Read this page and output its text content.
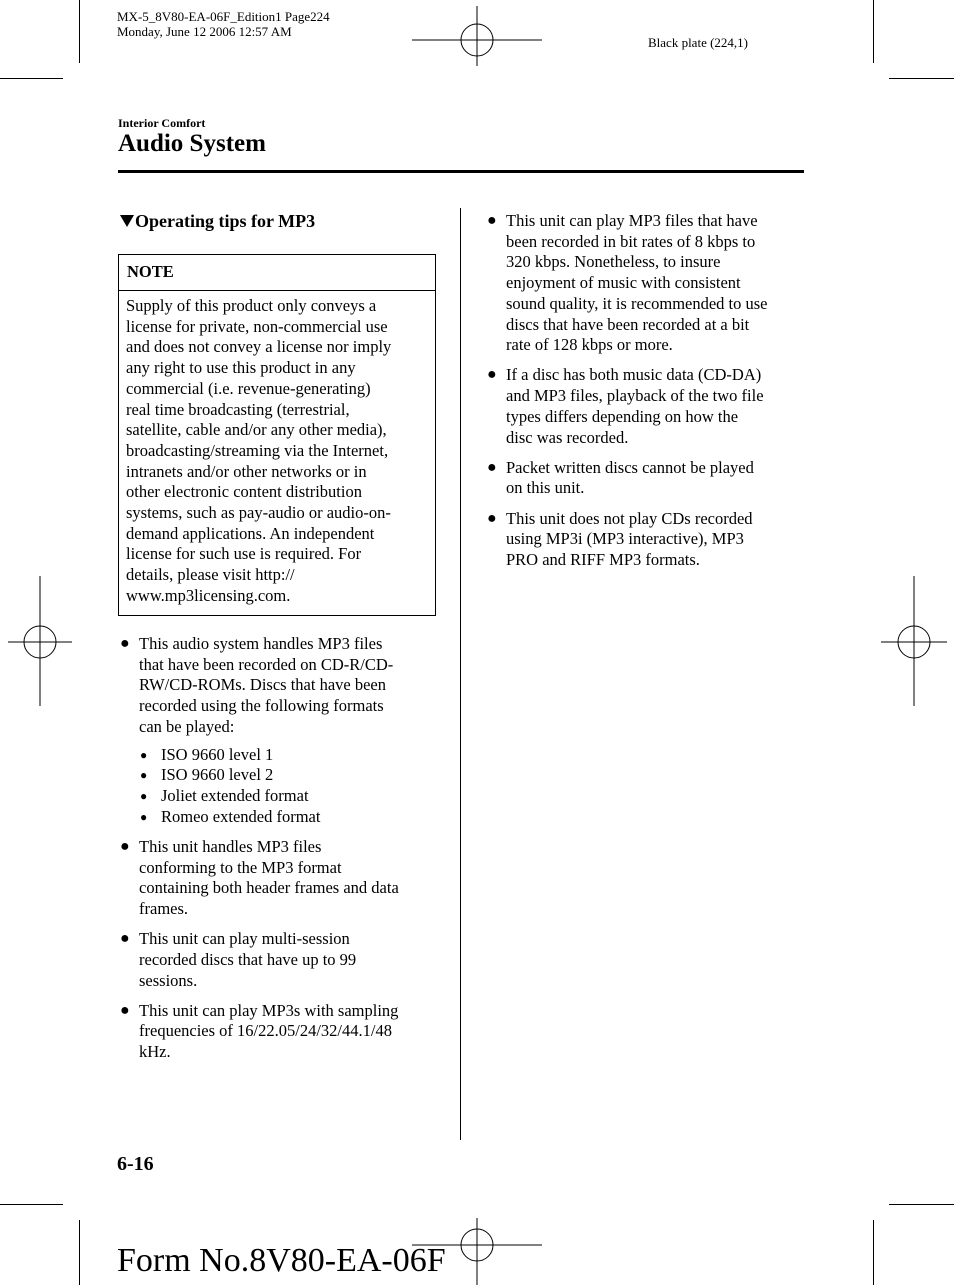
MX-5_8V80-EA-06F_Edition1 Page224
Monday, June 12 2006 12:57 AM
Black plate (224,1)
Interior Comfort
Audio System
Operating tips for MP3
NOTE
Supply of this product only conveys a
license for private, non-commercial use
and does not convey a license nor imply
any right to use this product in any
commercial (i.e. revenue-generating)
real time broadcasting (terrestrial,
satellite, cable and/or any other media),
broadcasting/streaming via the Internet,
intranets and/or other networks or in
other electronic content distribution
systems, such as pay-audio or audio-on-
demand applications. An independent
license for such use is required. For
details, please visit http://
www.mp3licensing.com.
● This audio system handles MP3 files
that have been recorded on CD-R/CD-
RW/CD-ROMs. Discs that have been
recorded using the following formats
can be played:
● ISO 9660 level 1
● ISO 9660 level 2
● Joliet extended format
● Romeo extended format
● This unit handles MP3 files
conforming to the MP3 format
containing both header frames and data
frames.
● This unit can play multi-session
recorded discs that have up to 99
sessions.
● This unit can play MP3s with sampling
frequencies of 16/22.05/24/32/44.1/48
kHz.
● This unit can play MP3 files that have
been recorded in bit rates of 8 kbps to
320 kbps. Nonetheless, to insure
enjoyment of music with consistent
sound quality, it is recommended to use
discs that have been recorded at a bit
rate of 128 kbps or more.
● If a disc has both music data (CD-DA)
and MP3 files, playback of the two file
types differs depending on how the
disc was recorded.
● Packet written discs cannot be played
on this unit.
● This unit does not play CDs recorded
using MP3i (MP3 interactive), MP3
PRO and RIFF MP3 formats.
6-16
Form No.8V80-EA-06F
